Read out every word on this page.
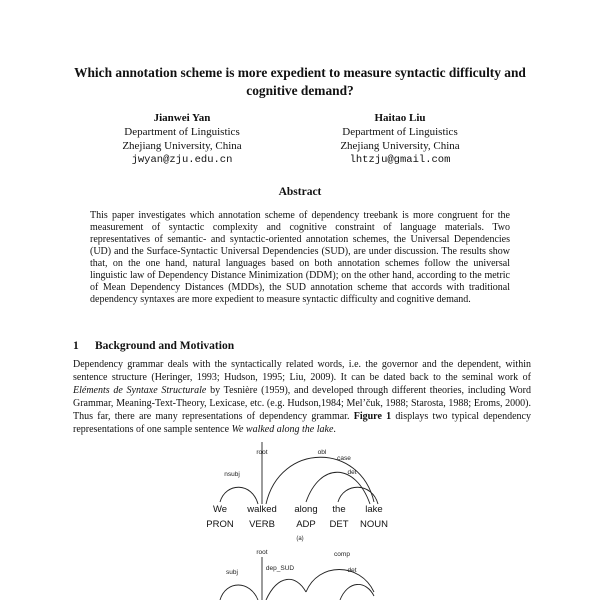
Which annotation scheme is more expedient to measure syntactic difficulty and cognitive demand?
Jianwei Yan
Department of Linguistics
Zhejiang University, China
jwyan@zju.edu.cn
Haitao Liu
Department of Linguistics
Zhejiang University, China
lhtzju@gmail.com
Abstract
This paper investigates which annotation scheme of dependency treebank is more congruent for the measurement of syntactic complexity and cognitive constraint of language materials. Two representatives of semantic- and syntactic-oriented annotation schemes, the Universal Dependencies (UD) and the Surface-Syntactic Universal Dependencies (SUD), are under discussion. The results show that, on the one hand, natural languages based on both annotation schemes follow the universal linguistic law of Dependency Distance Minimization (DDM); on the other hand, according to the metric of Mean Dependency Distances (MDDs), the SUD annotation scheme that accords with traditional dependency syntaxes are more expedient to measure syntactic difficulty and cognitive demand.
1 Background and Motivation
Dependency grammar deals with the syntactically related words, i.e. the governor and the dependent, within sentence structure (Heringer, 1993; Hudson, 1995; Liu, 2009). It can be dated back to the seminal work of Eléments de Syntaxe Structurale by Tesnière (1959), and developed through different theories, including Word Grammar, Meaning-Text-Theory, Lexicase, etc. (e.g. Hudson,1984; Mel’čuk, 1988; Starosta, 1988; Eroms, 2000). Thus far, there are many representations of dependency grammar. Figure 1 displays two typical dependency representations of one sample sentence We walked along the lake.
root
nsubj
obl
case
det
root
subj
dep_SUD
comp
det
We walked along the lake
PRON VERB ADP DET NOUN
(a)
